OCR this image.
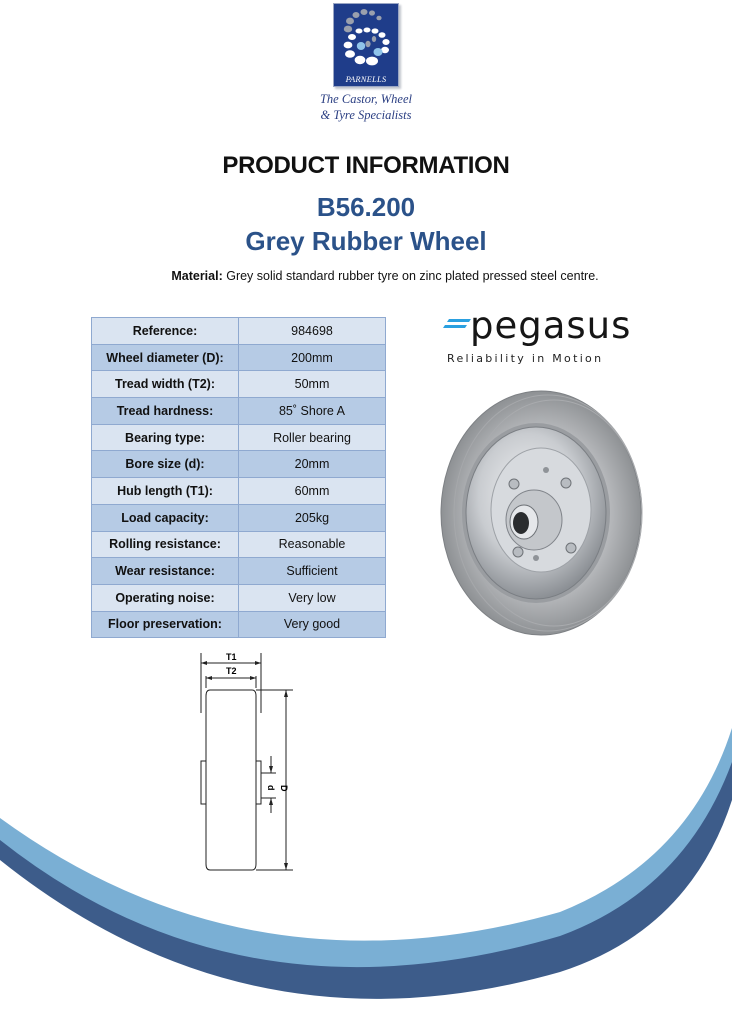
PARNELLS
The Castor, Wheel
& Tyre Specialists
PRODUCT INFORMATION
B56.200
Grey Rubber Wheel
Material: Grey solid standard rubber tyre on zinc plated pressed steel centre.
Reference:	984698
Wheel diameter (D):	200mm
Tread width (T2):	50mm
Tread hardness:	85˚ Shore A
Bearing type:	Roller bearing
Bore size (d):	20mm
Hub length (T1):	60mm
Load capacity:	205kg
Rolling resistance:	Reasonable
Wear resistance:	Sufficient
Operating noise:	Very low
Floor preservation:	Very good
pegasus
Reliability in Motion
T1
T2
d D
